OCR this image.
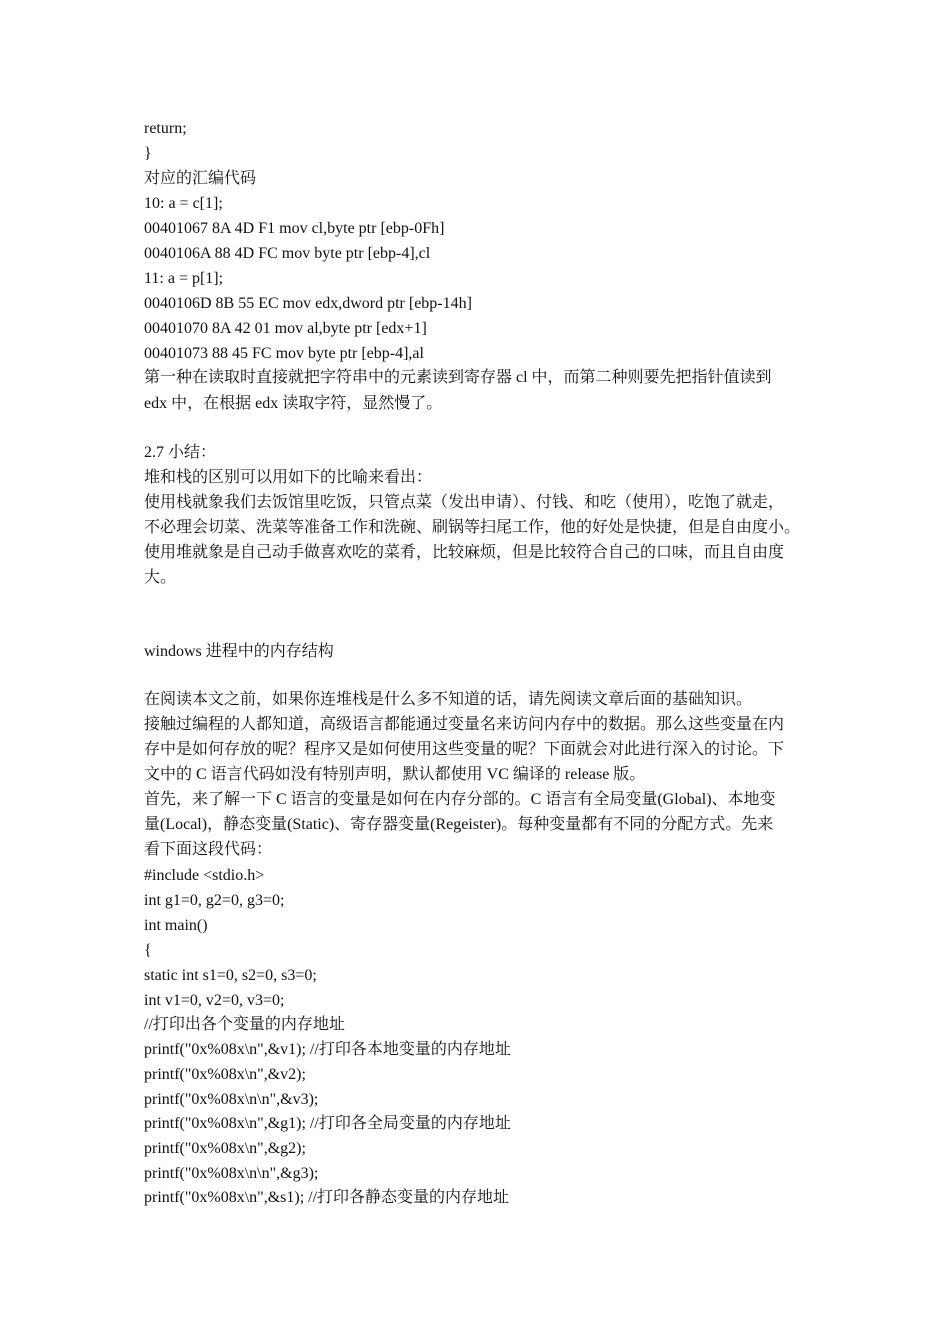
return;
}
对应的汇编代码
10: a = c[1];
00401067 8A 4D F1 mov cl,byte ptr [ebp-0Fh]
0040106A 88 4D FC mov byte ptr [ebp-4],cl
11: a = p[1];
0040106D 8B 55 EC mov edx,dword ptr [ebp-14h]
00401070 8A 42 01 mov al,byte ptr [edx+1]
00401073 88 45 FC mov byte ptr [ebp-4],al
第一种在读取时直接就把字符串中的元素读到寄存器 cl 中，而第二种则要先把指针值读到
edx 中，在根据 edx 读取字符，显然慢了。
2.7 小结：
堆和栈的区别可以用如下的比喻来看出：
使用栈就象我们去饭馆里吃饭，只管点菜（发出申请）、付钱、和吃（使用），吃饱了就走，
不必理会切菜、洗菜等准备工作和洗碗、刷锅等扫尾工作，他的好处是快捷，但是自由度小。
使用堆就象是自己动手做喜欢吃的菜肴，比较麻烦，但是比较符合自己的口味，而且自由度
大。
windows 进程中的内存结构
在阅读本文之前，如果你连堆栈是什么多不知道的话，请先阅读文章后面的基础知识。
接触过编程的人都知道，高级语言都能通过变量名来访问内存中的数据。那么这些变量在内
存中是如何存放的呢？程序又是如何使用这些变量的呢？下面就会对此进行深入的讨论。下
文中的 C 语言代码如没有特别声明，默认都使用 VC 编译的 release 版。
首先，来了解一下 C 语言的变量是如何在内存分部的。C 语言有全局变量(Global)、本地变
量(Local)，静态变量(Static)、寄存器变量(Regeister)。每种变量都有不同的分配方式。先来
看下面这段代码：
#include <stdio.h>
int g1=0, g2=0, g3=0;
int main()
{
static int s1=0, s2=0, s3=0;
int v1=0, v2=0, v3=0;
//打印出各个变量的内存地址
printf("0x%08x\n",&v1); //打印各本地变量的内存地址
printf("0x%08x\n",&v2);
printf("0x%08x\n\n",&v3);
printf("0x%08x\n",&g1); //打印各全局变量的内存地址
printf("0x%08x\n",&g2);
printf("0x%08x\n\n",&g3);
printf("0x%08x\n",&s1); //打印各静态变量的内存地址
